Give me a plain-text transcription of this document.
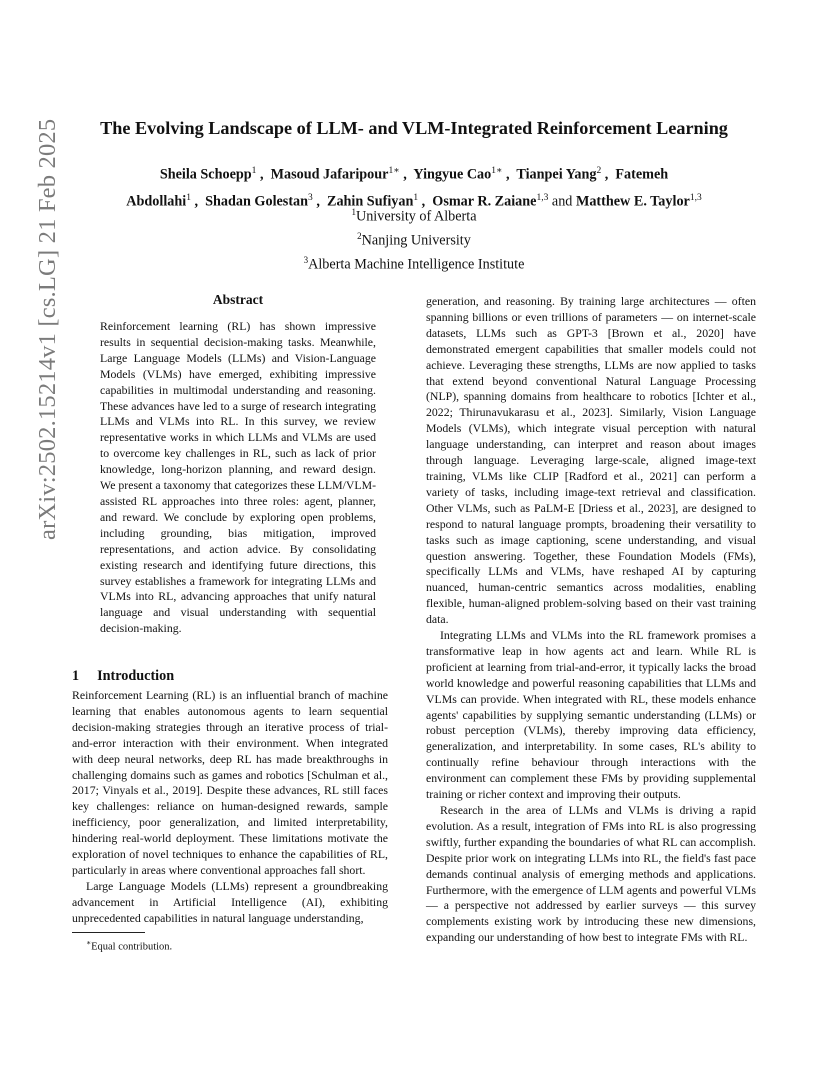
arXiv:2502.15214v1 [cs.LG] 21 Feb 2025	The Evolving Landscape of LLM- and VLM-Integrated Reinforcement Learning
Sheila Schoepp$^1$ ,  Masoud Jafaripour$^{1∗}$ ,  Yingyue Cao$^{1∗}$ ,  Tianpei Yang$^2$ ,  Fatemeh
Abdollahi$^1$ ,  Shadan Golestan$^3$ ,  Zahin Sufiyan$^1$ ,  Osmar R. Zaiane$^{1,3}$ and Matthew E. Taylor$^{1,3}$
$^1$University of Alberta
$^2$Nanjing University
$^3$Alberta Machine Intelligence Institute
Abstract
Reinforcement learning (RL) has shown impressive results in sequential decision-making tasks. Meanwhile, Large Language Models (LLMs) and Vision-Language Models (VLMs) have emerged, exhibiting impressive capabilities in multimodal understanding and reasoning. These advances have led to a surge of research integrating LLMs and VLMs into RL. In this survey, we review representative works in which LLMs and VLMs are used to overcome key challenges in RL, such as lack of prior knowledge, long-horizon planning, and reward design. We present a taxonomy that categorizes these LLM/VLM-assisted RL approaches into three roles: agent, planner, and reward. We conclude by exploring open problems, including grounding, bias mitigation, improved representations, and action advice. By consolidating existing research and identifying future directions, this survey establishes a framework for integrating LLMs and VLMs into RL, advancing approaches that unify natural language and visual understanding with sequential decision-making.
1 Introduction

Reinforcement Learning (RL) is an influential branch of machine learning that enables autonomous agents to learn sequential decision-making strategies through an iterative process of trial-and-error interaction with their environment. When integrated with deep neural networks, deep RL has made breakthroughs in challenging domains such as games and robotics [Schulman et al., 2017; Vinyals et al., 2019]. Despite these advances, RL still faces key challenges: reliance on human-designed rewards, sample inefficiency, poor generalization, and limited interpretability, hindering real-world deployment. These limitations motivate the exploration of novel techniques to enhance the capabilities of RL, particularly in areas where conventional approaches fall short.

Large Language Models (LLMs) represent a groundbreaking advancement in Artificial Intelligence (AI), exhibiting unprecedented capabilities in natural language understanding,

generation, and reasoning. By training large architectures — often spanning billions or even trillions of parameters — on internet-scale datasets, LLMs such as GPT-3 [Brown et al., 2020] have demonstrated emergent capabilities that smaller models could not achieve. Leveraging these strengths, LLMs are now applied to tasks that extend beyond conventional Natural Language Processing (NLP), spanning domains from healthcare to robotics [Ichter et al., 2022; Thirunavukarasu et al., 2023]. Similarly, Vision Language Models (VLMs), which integrate visual perception with natural language understanding, can interpret and reason about images through language. Leveraging large-scale, aligned image-text training, VLMs like CLIP [Radford et al., 2021] can perform a variety of tasks, including image-text retrieval and classification. Other VLMs, such as PaLM-E [Driess et al., 2023], are designed to respond to natural language prompts, broadening their versatility to tasks such as image captioning, scene understanding, and visual question answering. Together, these Foundation Models (FMs), specifically LLMs and VLMs, have reshaped AI by capturing nuanced, human-centric semantics across modalities, enabling flexible, human-aligned problem-solving based on their vast training data.

Integrating LLMs and VLMs into the RL framework promises a transformative leap in how agents act and learn. While RL is proficient at learning from trial-and-error, it typically lacks the broad world knowledge and powerful reasoning capabilities that LLMs and VLMs can provide. When integrated with RL, these models enhance agents' capabilities by supplying semantic understanding (LLMs) or robust perception (VLMs), thereby improving data efficiency, generalization, and interpretability. In some cases, RL's ability to continually refine behaviour through interactions with the environment can complement these FMs by providing supplemental training or richer context and improving their outputs.

Research in the area of LLMs and VLMs is driving a rapid evolution. As a result, integration of FMs into RL is also progressing swiftly, further expanding the boundaries of what RL can accomplish. Despite prior work on integrating LLMs into RL, the field's fast pace demands continual analysis of emerging methods and applications. Furthermore, with the emergence of LLM agents and powerful VLMs — a perspective not addressed by earlier surveys — this survey complements existing work by introducing these new dimensions, expanding our understanding of how best to integrate FMs with RL.

∗Equal contribution.
